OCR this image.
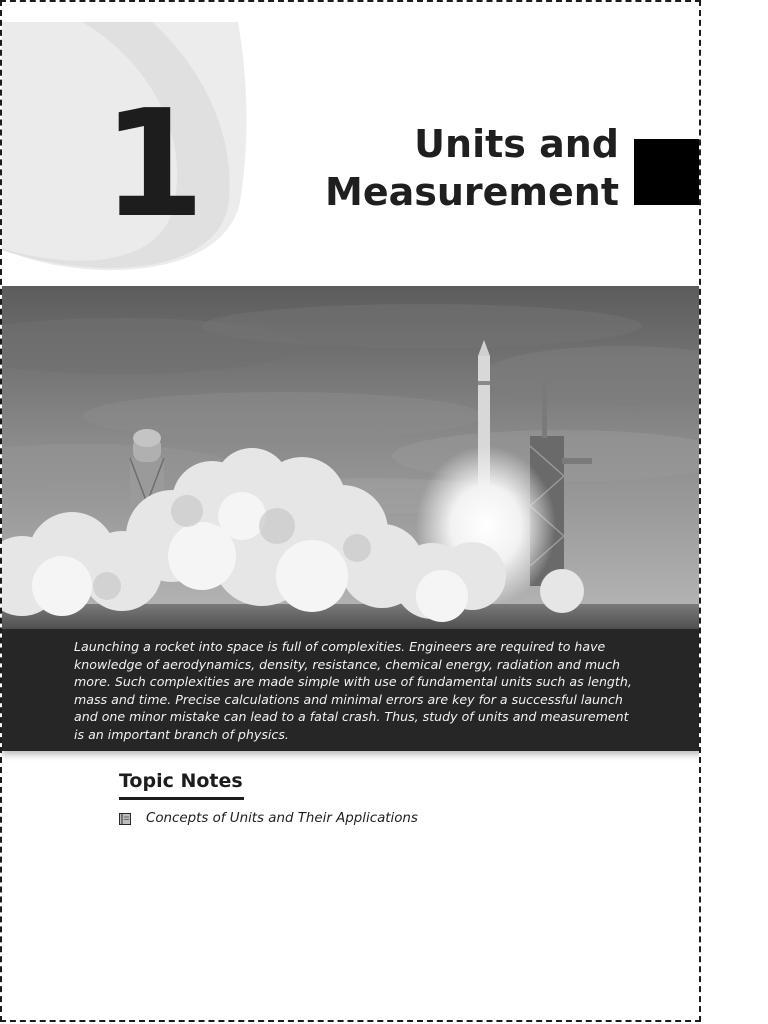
1	Units and
Measurement

Launching a rocket into space is full of complexities. Engineers are required to have knowledge of aerodynamics, density, resistance, chemical energy, radiation and much more. Such complexities are made simple with use of fundamental units such as length, mass and time. Precise calculations and minimal errors are key for a successful launch and one minor mistake can lead to a fatal crash. Thus, study of units and measurement is an important branch of physics.

Topic Notes
Concepts of Units and Their Applications
